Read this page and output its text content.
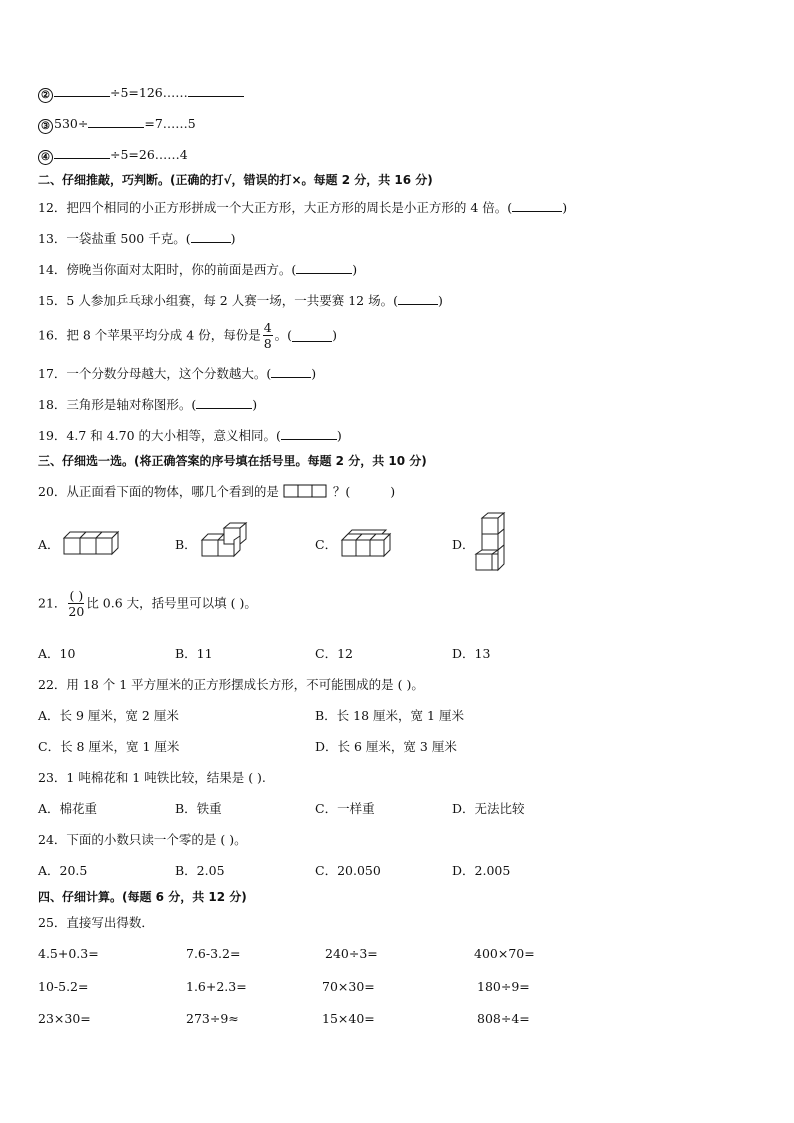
②	÷5=126……
③ 530÷	=7……5
④	÷5=26……4
二、仔细推敲，巧判断。(正确的打√，错误的打×。每题 2 分，共 16 分)
12．把四个相同的小正方形拼成一个大正方形，大正方形的周长是小正方形的 4 倍。(	)
13．一袋盐重 500 千克。(	)
14．傍晚当你面对太阳时，你的前面是西方。(	)
15．5 人参加乒乓球小组赛，每 2 人赛一场，一共要赛 12 场。(	)
16．把 8 个苹果平均分成 4 份，每份是 $\frac{4}{8}$ 。(	)
17．一个分数分母越大，这个分数越大。(	)
18．三角形是轴对称图形。(	)
19．4.7 和 4.70 的大小相等，意义相同。(	)
三、仔细选一选。(将正确答案的序号填在括号里。每题 2 分，共 10 分)
20．从正面看下面的物体，哪几个看到的是	？(	)
A．	B．	C．	D．
21． $\frac{( )}{20}$ 比 0.6 大，括号里可以填 ( )。
A．10	B．11	C．12	D．13
22．用 18 个 1 平方厘米的正方形摆成长方形，不可能围成的是 ( )。
A．长 9 厘米，宽 2 厘米	B．长 18 厘米，宽 1 厘米
C．长 8 厘米，宽 1 厘米	D．长 6 厘米，宽 3 厘米
23．1 吨棉花和 1 吨铁比较，结果是 ( ).
A．棉花重	B．铁重	C．一样重	D．无法比较
24．下面的小数只读一个零的是 ( )。
A．20.5	B．2.05	C．20.050	D．2.005
四、仔细计算。(每题 6 分，共 12 分)
25．直接写出得数．
4.5+0.3=	7.6-3.2=	240÷3=	400×70=
10-5.2=	1.6+2.3=	70×30=	180÷9=
23×30=	273÷9≈	15×40=	808÷4=
